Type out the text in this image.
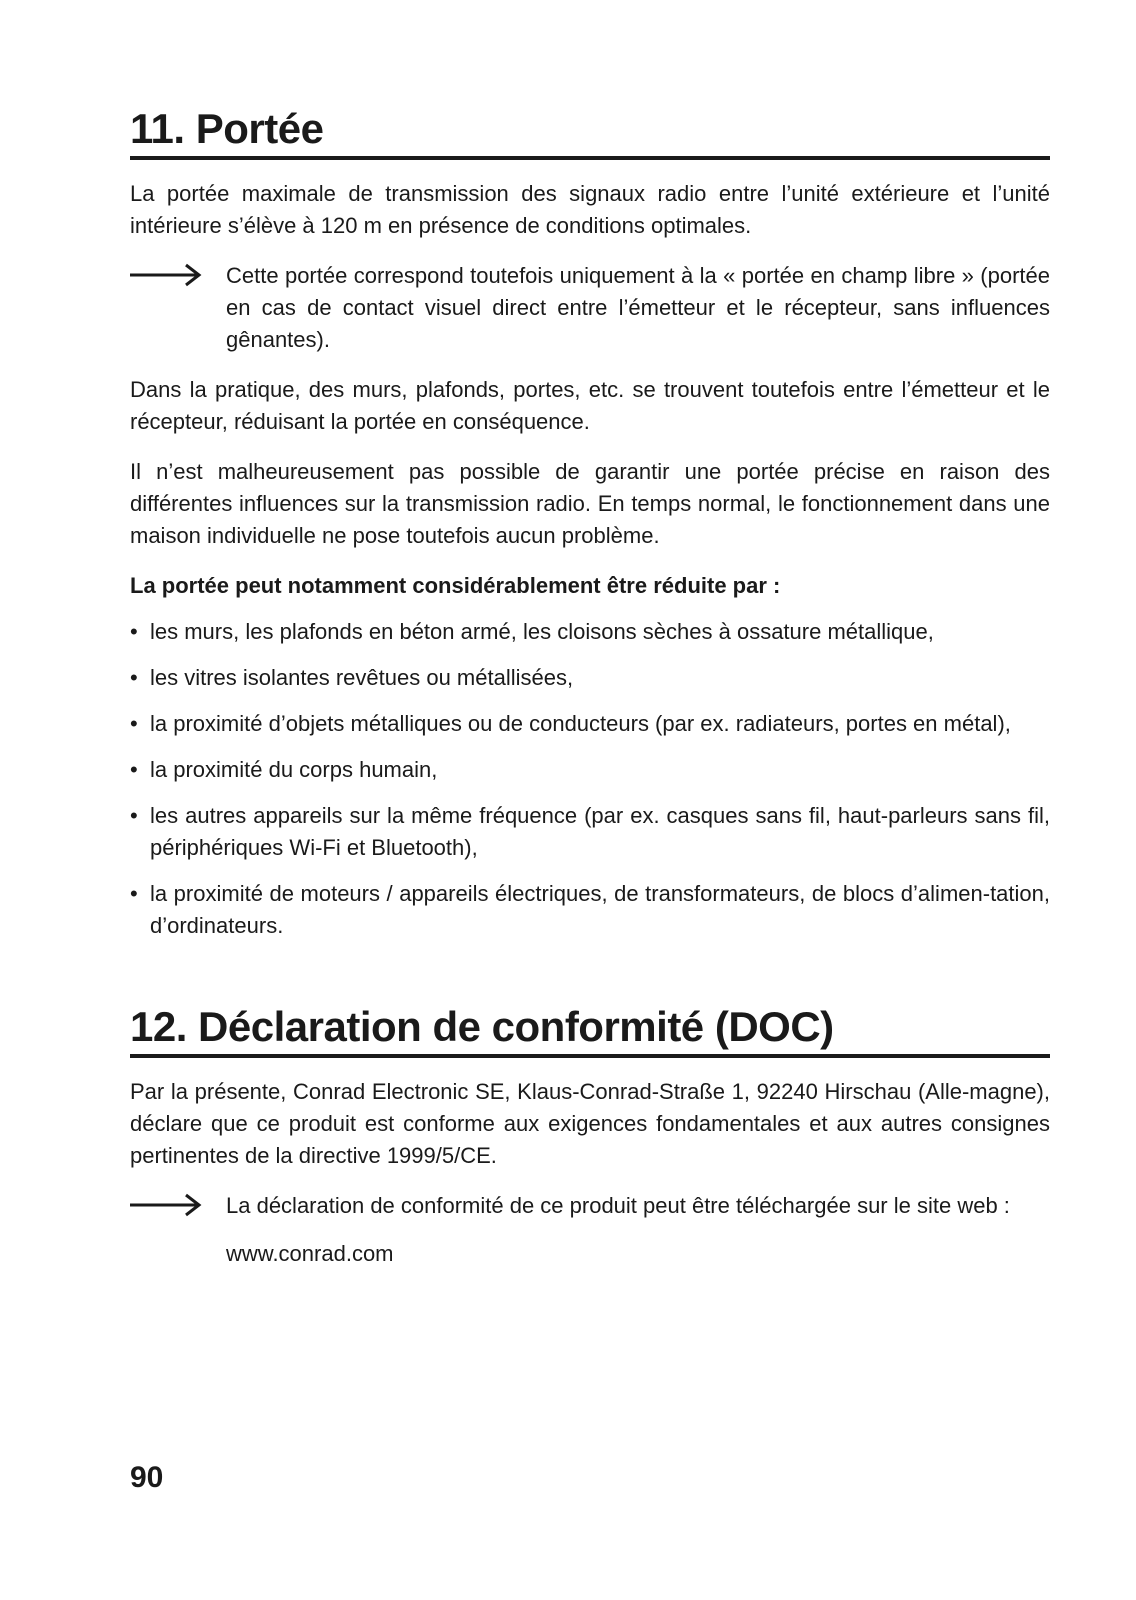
11. Portée

La portée maximale de transmission des signaux radio entre l’unité extérieure et l’unité intérieure s’élève à 120 m en présence de conditions optimales.

Cette portée correspond toutefois uniquement à la « portée en champ libre » (portée en cas de contact visuel direct entre l’émetteur et le récepteur, sans influences gênantes).

Dans la pratique, des murs, plafonds, portes, etc. se trouvent toutefois entre l’émetteur et le récepteur, réduisant la portée en conséquence.

Il n’est malheureusement pas possible de garantir une portée précise en raison des différentes influences sur la transmission radio. En temps normal, le fonctionnement dans une maison individuelle ne pose toutefois aucun problème.

La portée peut notamment considérablement être réduite par :

• les murs, les plafonds en béton armé, les cloisons sèches à ossature métallique,
• les vitres isolantes revêtues ou métallisées,
• la proximité d’objets métalliques ou de conducteurs (par ex. radiateurs, portes en métal),
• la proximité du corps humain,
• les autres appareils sur la même fréquence (par ex. casques sans fil, haut-parleurs sans fil, périphériques Wi-Fi et Bluetooth),
• la proximité de moteurs / appareils électriques, de transformateurs, de blocs d’alimen-tation, d’ordinateurs.
12. Déclaration de conformité (DOC)

Par la présente, Conrad Electronic SE, Klaus-Conrad-Straße 1, 92240 Hirschau (Alle-magne), déclare que ce produit est conforme aux exigences fondamentales et aux autres consignes pertinentes de la directive 1999/5/CE.

La déclaration de conformité de ce produit peut être téléchargée sur le site web :

www.conrad.com
90
